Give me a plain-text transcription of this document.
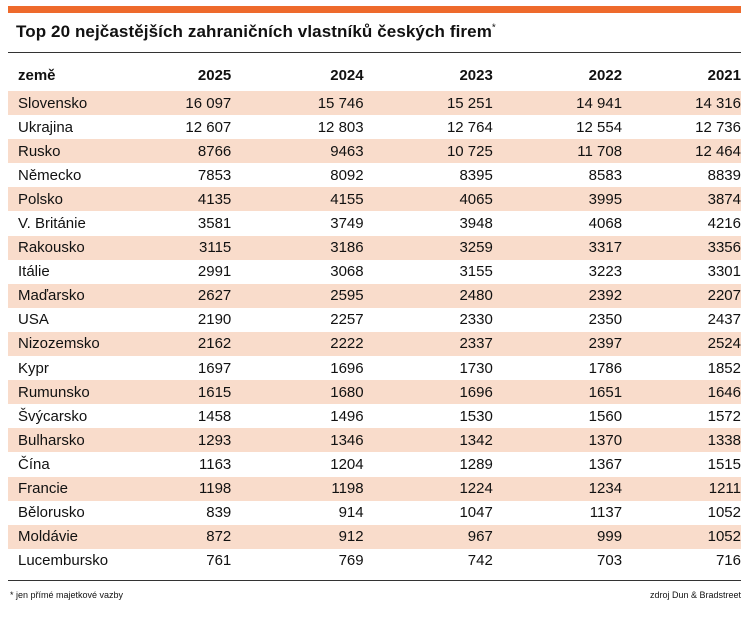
Top 20 nejčastějších zahraničních vlastníků českých firem*
země	2025	2024	2023	2022	2021
Slovensko	16 097	15 746	15 251	14 941	14 316
Ukrajina	12 607	12 803	12 764	12 554	12 736
Rusko	8766	9463	10 725	11 708	12 464
Německo	7853	8092	8395	8583	8839
Polsko	4135	4155	4065	3995	3874
V. Británie	3581	3749	3948	4068	4216
Rakousko	3115	3186	3259	3317	3356
Itálie	2991	3068	3155	3223	3301
Maďarsko	2627	2595	2480	2392	2207
USA	2190	2257	2330	2350	2437
Nizozemsko	2162	2222	2337	2397	2524
Kypr	1697	1696	1730	1786	1852
Rumunsko	1615	1680	1696	1651	1646
Švýcarsko	1458	1496	1530	1560	1572
Bulharsko	1293	1346	1342	1370	1338
Čína	1163	1204	1289	1367	1515
Francie	1198	1198	1224	1234	1211
Bělorusko	839	914	1047	1137	1052
Moldávie	872	912	967	999	1052
Lucembursko	761	769	742	703	716
* jen přímé majetkové vazby	zdroj Dun & Bradstreet
